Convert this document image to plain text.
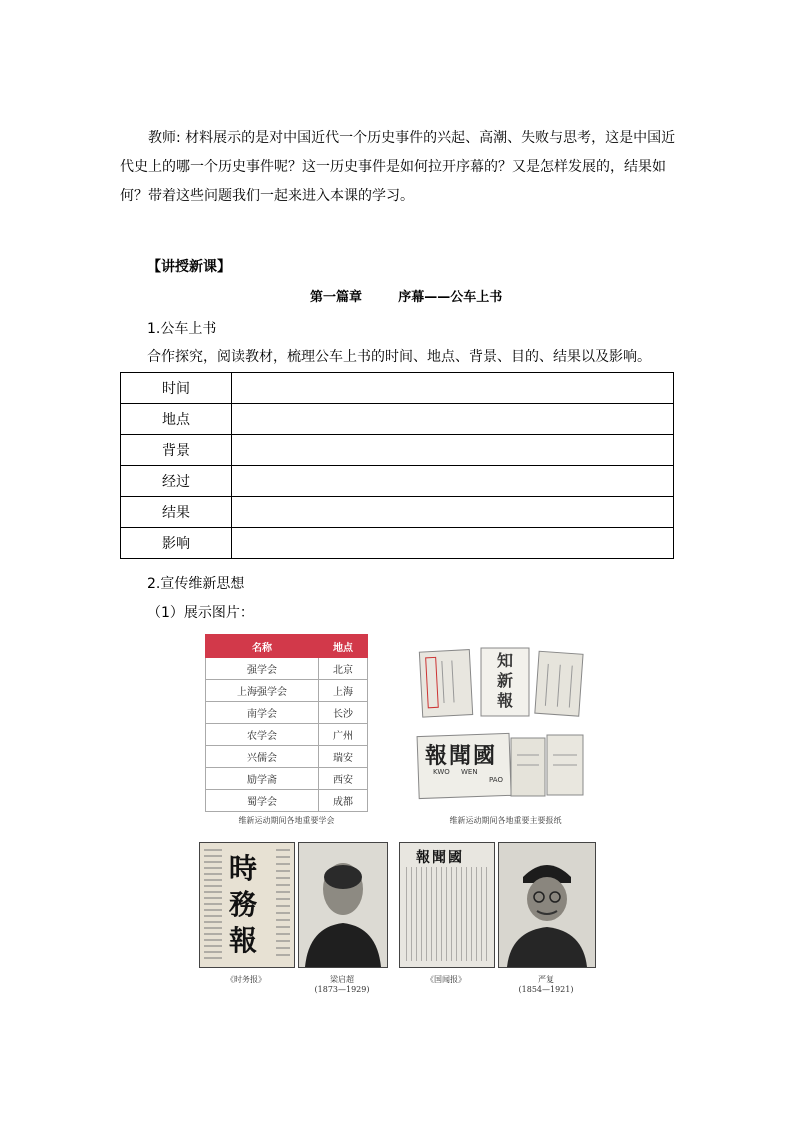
教师: 材料展示的是对中国近代一个历史事件的兴起、高潮、失败与思考，这是中国近
代史上的哪一个历史事件呢？这一历史事件是如何拉开序幕的？又是怎样发展的，结果如
何？带着这些问题我们一起来进入本课的学习。
【讲授新课】
第一篇章        序幕——公车上书
1.公车上书
合作探究，阅读教材，梳理公车上书的时间、地点、背景、目的、结果以及影响。
时间	
地点	
背景	
经过	
结果	
影响	
2.宣传维新思想
（1）展示图片：
名称	地点
强学会	北京
上海强学会	上海
南学会	长沙
农学会	广州
兴儒会	瑞安
励学斋	西安
蜀学会	成都
维新运动期间各地重要学会
知新報
報聞國
KWO WEN
PAO
维新运动期间各地重要主要报纸
時務報
《时务报》	梁启超
(1873—1929)
報聞國
《国闻报》	严复
(1854—1921)
